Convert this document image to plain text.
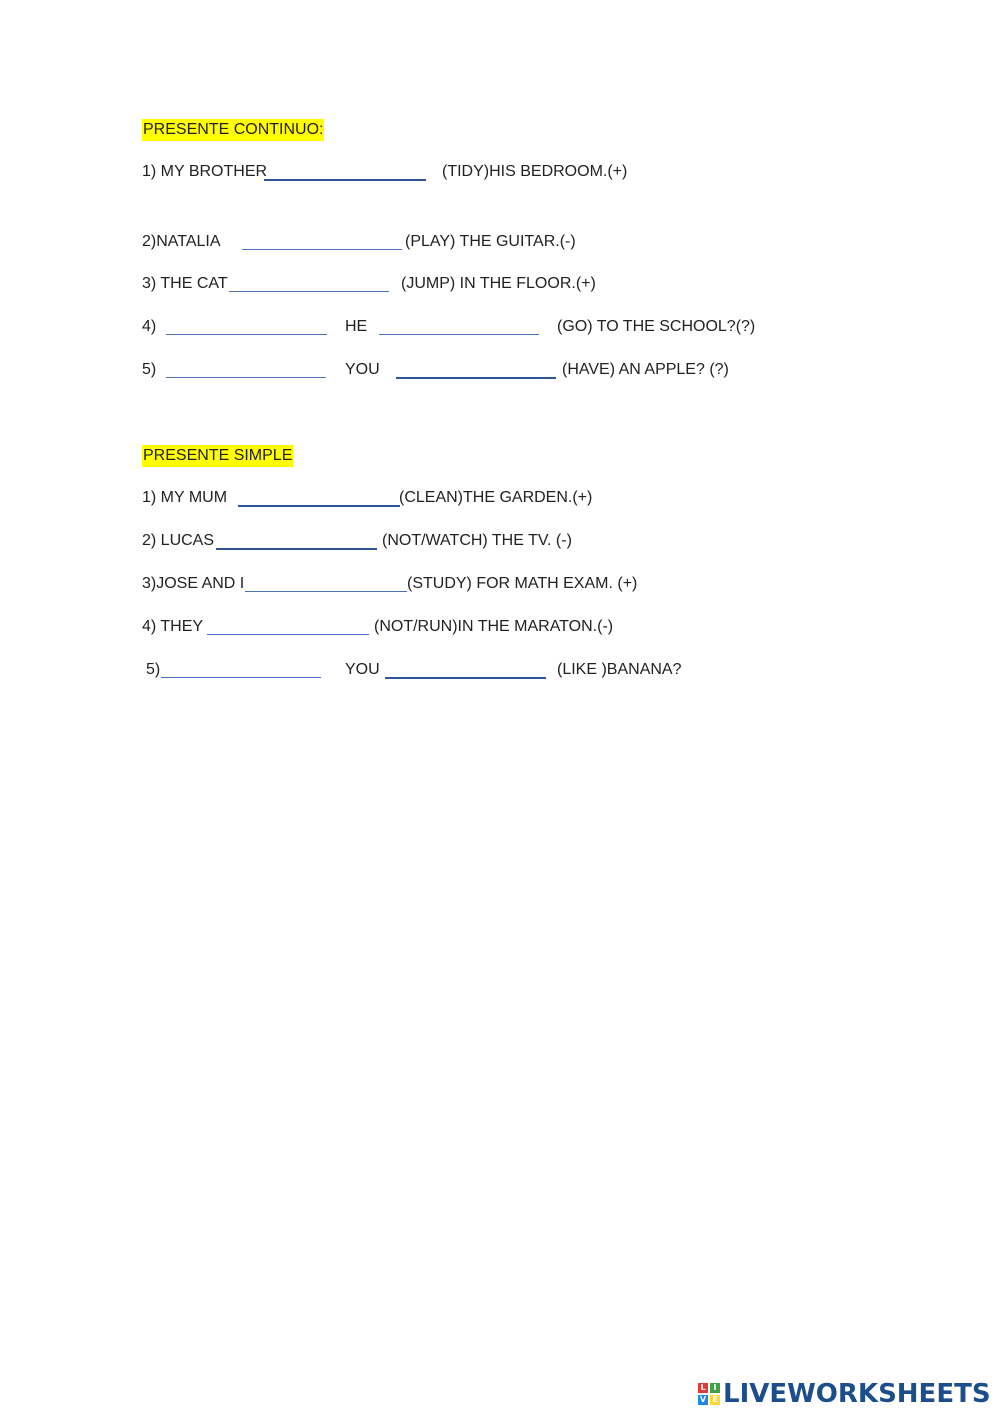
PRESENTE CONTINUO:
1) MY BROTHER	(TIDY)HIS BEDROOM.(+)
2)NATALIA	(PLAY) THE GUITAR.(-)
3) THE CAT	(JUMP) IN THE FLOOR.(+)
4)	HE	(GO) TO THE SCHOOL?(?)
5)	YOU	(HAVE) AN APPLE? (?)
PRESENTE SIMPLE
1) MY MUM	(CLEAN)THE GARDEN.(+)
2) LUCAS	(NOT/WATCH) THE TV. (-)
3)JOSE AND I	(STUDY) FOR MATH EXAM. (+)
4) THEY	(NOT/RUN)IN THE MARATON.(-)
5)	YOU	(LIKE )BANANA?
L I
V E LIVEWORKSHEETS
